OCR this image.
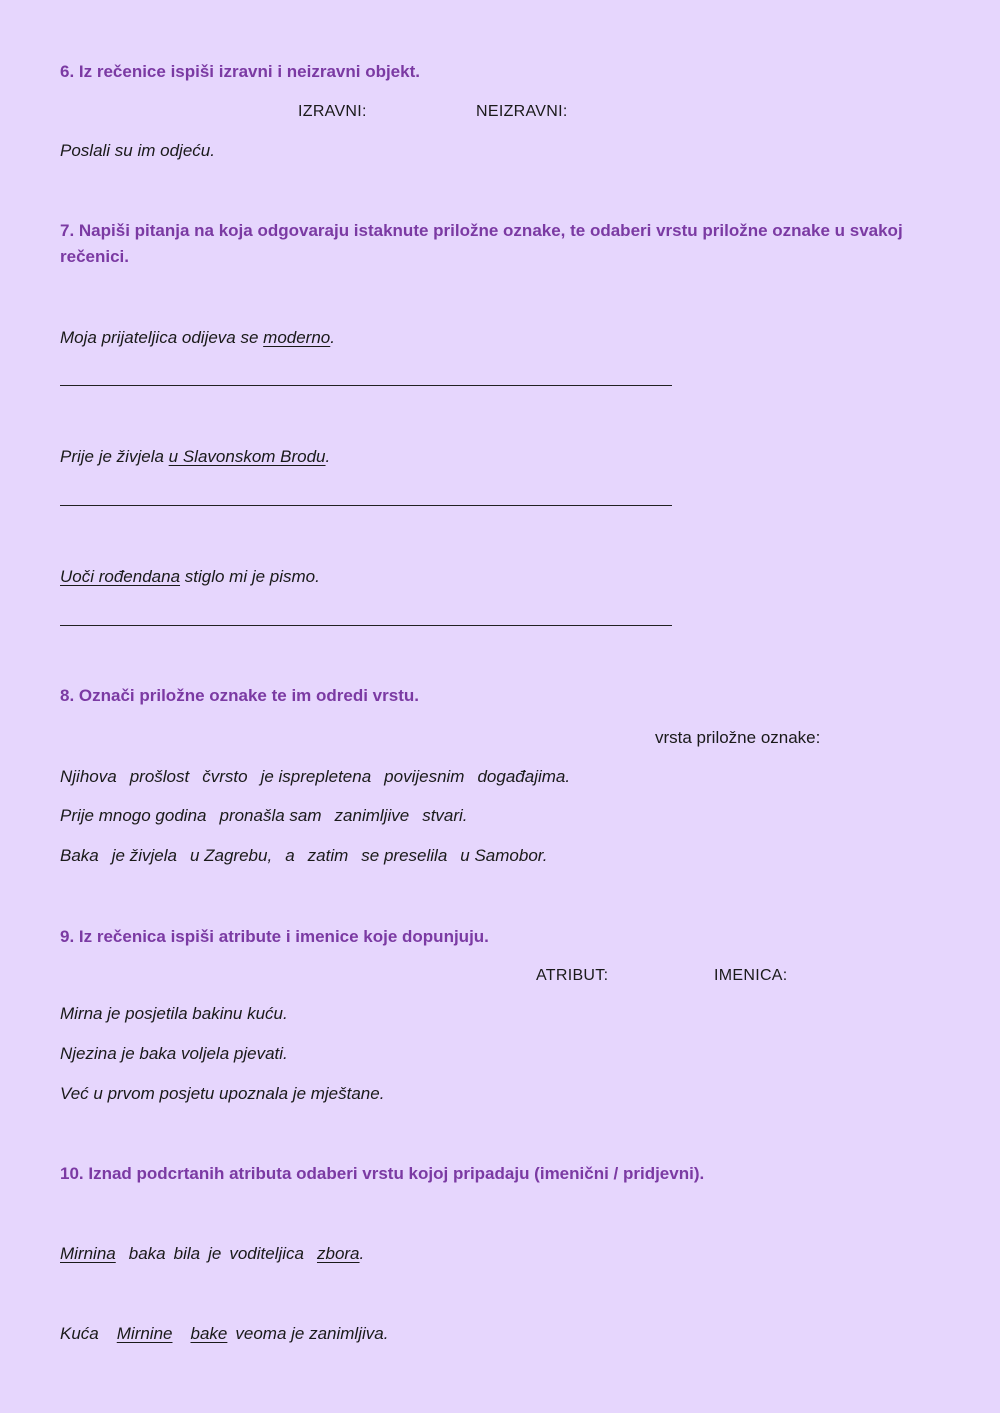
6. Iz rečenice ispiši izravni i neizravni objekt.
IZRAVNI:	NEIZRAVNI:
Poslali su im odjeću.
7. Napiši pitanja na koja odgovaraju istaknute priložne oznake, te odaberi vrstu priložne oznake u svakoj rečenici.
Moja prijateljica odijeva se moderno.
Prije je živjela u Slavonskom Brodu.
Uoči rođendana stiglo mi je pismo.
8. Označi priložne oznake te im odredi vrstu.
vrsta priložne oznake:
Njihova prošlost čvrsto je isprepletena povijesnim događajima.
Prije mnogo godina pronašla sam zanimljive stvari.
Baka je živjela u Zagrebu, a zatim se preselila u Samobor.
9. Iz rečenica ispiši atribute i imenice koje dopunjuju.
ATRIBUT:	IMENICA:
Mirna je posjetila bakinu kuću.
Njezina je baka voljela pjevati.
Već u prvom posjetu upoznala je mještane.
10. Iznad podcrtanih atributa odaberi vrstu kojoj pripadaju (imenični / pridjevni).
Mirnina baka bila je voditeljica zbora.
Kuća Mirnine bake veoma je zanimljiva.
